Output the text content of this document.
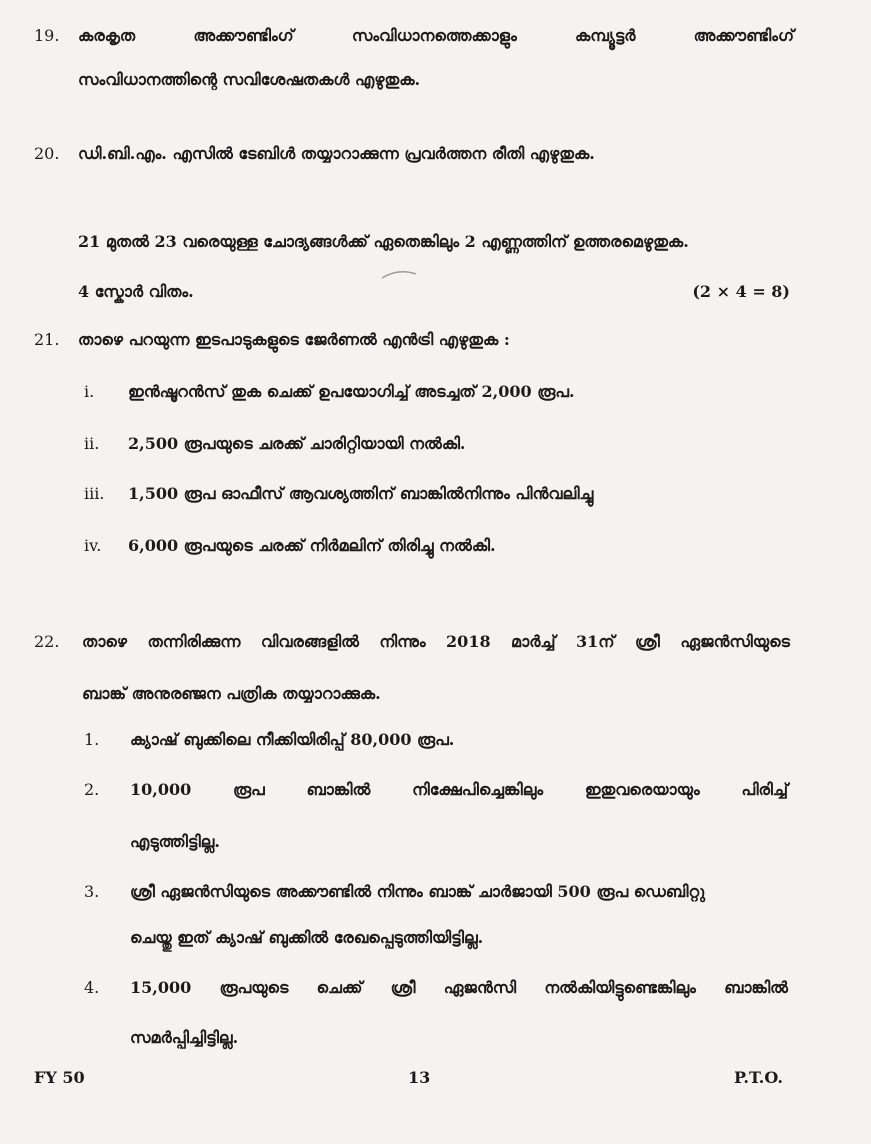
19.	കരകൃത	അക്കൗണ്ടിംഗ്	സംവിധാനത്തെക്കാളും	കമ്പ്യൂട്ടർ	അക്കൗണ്ടിംഗ്
സംവിധാനത്തിന്റെ സവിശേഷതകൾ എഴുതുക.
20.	ഡി.ബി.എം. എസിൽ ടേബിൾ തയ്യാറാക്കുന്ന പ്രവർത്തന രീതി എഴുതുക.
21 മുതൽ 23 വരെയുള്ള ചോദ്യങ്ങൾക്ക് ഏതെങ്കിലും 2 എണ്ണത്തിന് ഉത്തരമെഴുതുക.
4 സ്കോർ വിതം.	(2 × 4 = 8)
21.	താഴെ പറയുന്ന ഇടപാടുകളുടെ ജേർണൽ എൻട്രി എഴുതുക :
i.	ഇൻഷൂറൻസ് തുക ചെക്ക് ഉപയോഗിച്ച് അടച്ചത് 2,000 രൂപ.
ii.	2,500 രൂപയുടെ ചരക്ക് ചാരിറ്റിയായി നൽകി.
iii.	1,500 രൂപ ഓഫീസ് ആവശ്യത്തിന് ബാങ്കിൽനിന്നും പിൻവലിച്ചു
iv.	6,000 രൂപയുടെ ചരക്ക് നിർമലിന് തിരിച്ചു നൽകി.
22.	താഴെ തന്നിരിക്കുന്ന വിവരങ്ങളിൽ നിന്നും 2018 മാർച്ച് 31ന് ശ്രീ ഏജൻസിയുടെ
ബാങ്ക് അനുരഞ്ജന പത്രിക തയ്യാറാക്കുക.
1.	ക്യാഷ് ബുക്കിലെ നീക്കിയിരിപ്പ് 80,000 രൂപ.
2.	10,000	രൂപ	ബാങ്കിൽ	നിക്ഷേപിച്ചെങ്കിലും	ഇതുവരെയായും	പിരിച്ച്
എടുത്തിട്ടില്ല.
3.	ശ്രീ ഏജൻസിയുടെ അക്കൗണ്ടിൽ നിന്നും ബാങ്ക് ചാർജായി 500 രൂപ ഡെബിറ്റു
ചെയ്തു ഇത് ക്യാഷ് ബുക്കിൽ രേഖപ്പെടുത്തിയിട്ടില്ല.
4.	15,000 രൂപയുടെ ചെക്ക് ശ്രീ ഏജൻസി നൽകിയിട്ടുണ്ടെങ്കിലും ബാങ്കിൽ
സമർപ്പിച്ചിട്ടില്ല.
FY 50	13	P.T.O.
